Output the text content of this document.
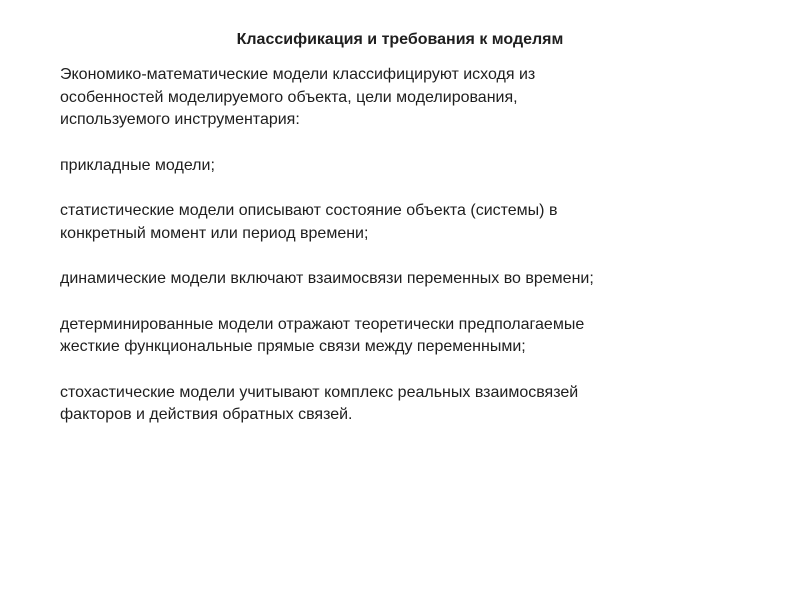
Классификация и требования к моделям

Экономико-математические модели классифицируют исходя из
особенностей моделируемого объекта, цели моделирования,
используемого инструментария:

прикладные модели;

статистические модели описывают состояние объекта (системы) в
конкретный момент или период времени;

динамические модели включают взаимосвязи переменных во времени;

детерминированные модели отражают теоретически предполагаемые
жесткие функциональные прямые связи между переменными;

стохастические модели учитывают комплекс реальных взаимосвязей
факторов и действия обратных связей.
